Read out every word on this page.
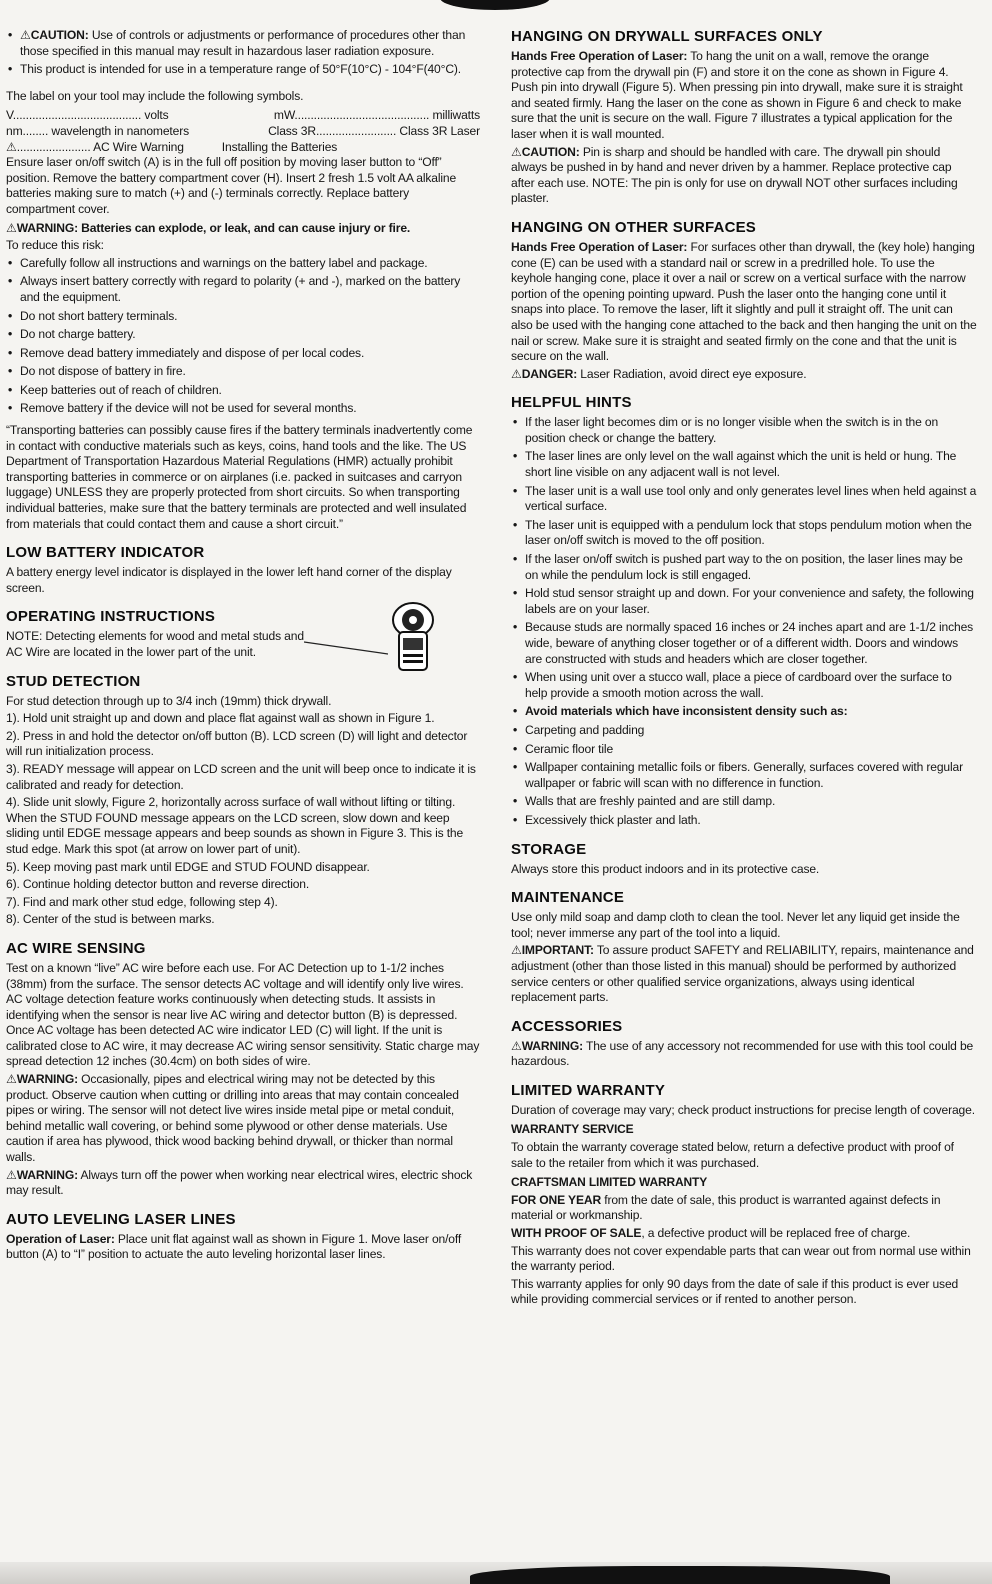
• ⚠CAUTION: Use of controls or adjustments or performance of procedures other than those specified in this manual may result in hazardous laser radiation exposure.
• This product is intended for use in a temperature range of 50°F(10°C) - 104°F(40°C).

The label on your tool may include the following symbols.

V........................................ volts	mW.......................................... milliwatts
nm........ wavelength in nanometers	Class 3R......................... Class 3R Laser
⚠....................... AC Wire Warning	Installing the Batteries

Ensure laser on/off switch (A) is in the full off position by moving laser button to “Off” position. Remove the battery compartment cover (H). Insert 2 fresh 1.5 volt AA alkaline batteries making sure to match (+) and (-) terminals correctly. Replace battery compartment cover.

⚠WARNING: Batteries can explode, or leak, and can cause injury or fire.

To reduce this risk:

• Carefully follow all instructions and warnings on the battery label and package.
• Always insert battery correctly with regard to polarity (+ and -), marked on the battery and the equipment.
• Do not short battery terminals.
• Do not charge battery.
• Remove dead battery immediately and dispose of per local codes.
• Do not dispose of battery in fire.
• Keep batteries out of reach of children.
• Remove battery if the device will not be used for several months.

“Transporting batteries can possibly cause fires if the battery terminals inadvertently come in contact with conductive materials such as keys, coins, hand tools and the like. The US Department of Transportation Hazardous Material Regulations (HMR) actually prohibit transporting batteries in commerce or on airplanes (i.e. packed in suitcases and carryon luggage) UNLESS they are properly protected from short circuits. So when transporting individual batteries, make sure that the battery terminals are protected and well insulated from materials that could contact them and cause a short circuit.”

LOW BATTERY INDICATOR

A battery energy level indicator is displayed in the lower left hand corner of the display screen.

OPERATING INSTRUCTIONS

NOTE: Detecting elements for wood and metal studs and AC Wire are located in the lower part of the unit.

STUD DETECTION

For stud detection through up to 3/4 inch (19mm) thick drywall.

1). Hold unit straight up and down and place flat against wall as shown in Figure 1.

2). Press in and hold the detector on/off button (B). LCD screen (D) will light and detector will run initialization process.

3). READY message will appear on LCD screen and the unit will beep once to indicate it is calibrated and ready for detection.

4). Slide unit slowly, Figure 2, horizontally across surface of wall without lifting or tilting. When the STUD FOUND message appears on the LCD screen, slow down and keep sliding until EDGE message appears and beep sounds as shown in Figure 3. This is the stud edge. Mark this spot (at arrow on lower part of unit).

5). Keep moving past mark until EDGE and STUD FOUND disappear.

6). Continue holding detector button and reverse direction.

7). Find and mark other stud edge, following step 4).

8). Center of the stud is between marks.

AC WIRE SENSING

Test on a known “live” AC wire before each use. For AC Detection up to 1-1/2 inches (38mm) from the surface. The sensor detects AC voltage and will identify only live wires. AC voltage detection feature works continuously when detecting studs. It assists in identifying when the sensor is near live AC wiring and detector button (B) is depressed. Once AC voltage has been detected AC wire indicator LED (C) will light. If the unit is calibrated close to AC wire, it may decrease AC wiring sensor sensitivity. Static charge may spread detection 12 inches (30.4cm) on both sides of wire.

⚠WARNING: Occasionally, pipes and electrical wiring may not be detected by this product. Observe caution when cutting or drilling into areas that may contain concealed pipes or wiring. The sensor will not detect live wires inside metal pipe or metal conduit, behind metallic wall covering, or behind some plywood or other dense materials. Use caution if area has plywood, thick wood backing behind drywall, or thicker than normal walls.

⚠WARNING: Always turn off the power when working near electrical wires, electric shock may result.

AUTO LEVELING LASER LINES

Operation of Laser: Place unit flat against wall as shown in Figure 1. Move laser on/off button (A) to “I” position to actuate the auto leveling horizontal laser lines.

HANGING ON DRYWALL SURFACES ONLY

Hands Free Operation of Laser: To hang the unit on a wall, remove the orange protective cap from the drywall pin (F) and store it on the cone as shown in Figure 4. Push pin into drywall (Figure 5). When pressing pin into drywall, make sure it is straight and seated firmly. Hang the laser on the cone as shown in Figure 6 and check to make sure that the unit is secure on the wall. Figure 7 illustrates a typical application for the laser when it is wall mounted.

⚠CAUTION: Pin is sharp and should be handled with care. The drywall pin should always be pushed in by hand and never driven by a hammer. Replace protective cap after each use. NOTE: The pin is only for use on drywall NOT other surfaces including plaster.

HANGING ON OTHER SURFACES

Hands Free Operation of Laser: For surfaces other than drywall, the (key hole) hanging cone (E) can be used with a standard nail or screw in a predrilled hole. To use the keyhole hanging cone, place it over a nail or screw on a vertical surface with the narrow portion of the opening pointing upward. Push the laser onto the hanging cone until it snaps into place. To remove the laser, lift it slightly and pull it straight off. The unit can also be used with the hanging cone attached to the back and then hanging the unit on the nail or screw. Make sure it is straight and seated firmly on the cone and that the unit is secure on the wall.

⚠DANGER: Laser Radiation, avoid direct eye exposure.

HELPFUL HINTS
• If the laser light becomes dim or is no longer visible when the switch is in the on position check or change the battery.
• The laser lines are only level on the wall against which the unit is held or hung. The short line visible on any adjacent wall is not level.
• The laser unit is a wall use tool only and only generates level lines when held against a vertical surface.
• The laser unit is equipped with a pendulum lock that stops pendulum motion when the laser on/off switch is moved to the off position.
• If the laser on/off switch is pushed part way to the on position, the laser lines may be on while the pendulum lock is still engaged.
• Hold stud sensor straight up and down. For your convenience and safety, the following labels are on your laser.
• Because studs are normally spaced 16 inches or 24 inches apart and are 1-1/2 inches wide, beware of anything closer together or of a different width. Doors and windows are constructed with studs and headers which are closer together.
• When using unit over a stucco wall, place a piece of cardboard over the surface to help provide a smooth motion across the wall.
• Avoid materials which have inconsistent density such as:
• Carpeting and padding
• Ceramic floor tile
• Wallpaper containing metallic foils or fibers. Generally, surfaces covered with regular wallpaper or fabric will scan with no difference in function.
• Walls that are freshly painted and are still damp.
• Excessively thick plaster and lath.
STORAGE

Always store this product indoors and in its protective case.

MAINTENANCE

Use only mild soap and damp cloth to clean the tool. Never let any liquid get inside the tool; never immerse any part of the tool into a liquid.

⚠IMPORTANT: To assure product SAFETY and RELIABILITY, repairs, maintenance and adjustment (other than those listed in this manual) should be performed by authorized service centers or other qualified service organizations, always using identical replacement parts.

ACCESSORIES

⚠WARNING: The use of any accessory not recommended for use with this tool could be hazardous.

LIMITED WARRANTY

Duration of coverage may vary; check product instructions for precise length of coverage.

WARRANTY SERVICE

To obtain the warranty coverage stated below, return a defective product with proof of sale to the retailer from which it was purchased.

CRAFTSMAN LIMITED WARRANTY

FOR ONE YEAR from the date of sale, this product is warranted against defects in material or workmanship.

WITH PROOF OF SALE, a defective product will be replaced free of charge.

This warranty does not cover expendable parts that can wear out from normal use within the warranty period.

This warranty applies for only 90 days from the date of sale if this product is ever used while providing commercial services or if rented to another person.
